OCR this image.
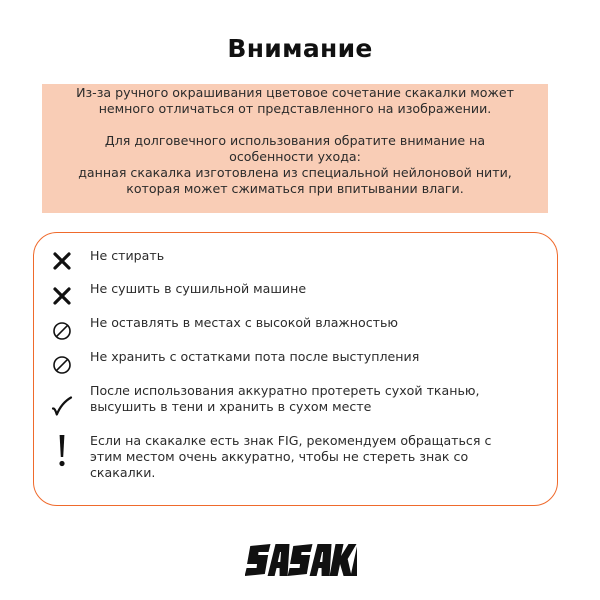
Внимание

Из-за ручного окрашивания цветовое сочетание скакалки может
немного отличаться от представленного на изображении.

Для долговечного использования обратите внимание на
особенности ухода:
данная скакалка изготовлена из специальной нейлоновой нити,
которая может сжиматься при впитывании влаги.

Не стирать
Не сушить в сушильной машине
Не оставлять в местах с высокой влажностью
Не хранить с остатками пота после выступления
После использования аккуратно протереть сухой тканью,
высушить в тени и хранить в сухом месте
Если на скакалке есть знак FIG, рекомендуем обращаться с
этим местом очень аккуратно, чтобы не стереть знак со
скакалки.
